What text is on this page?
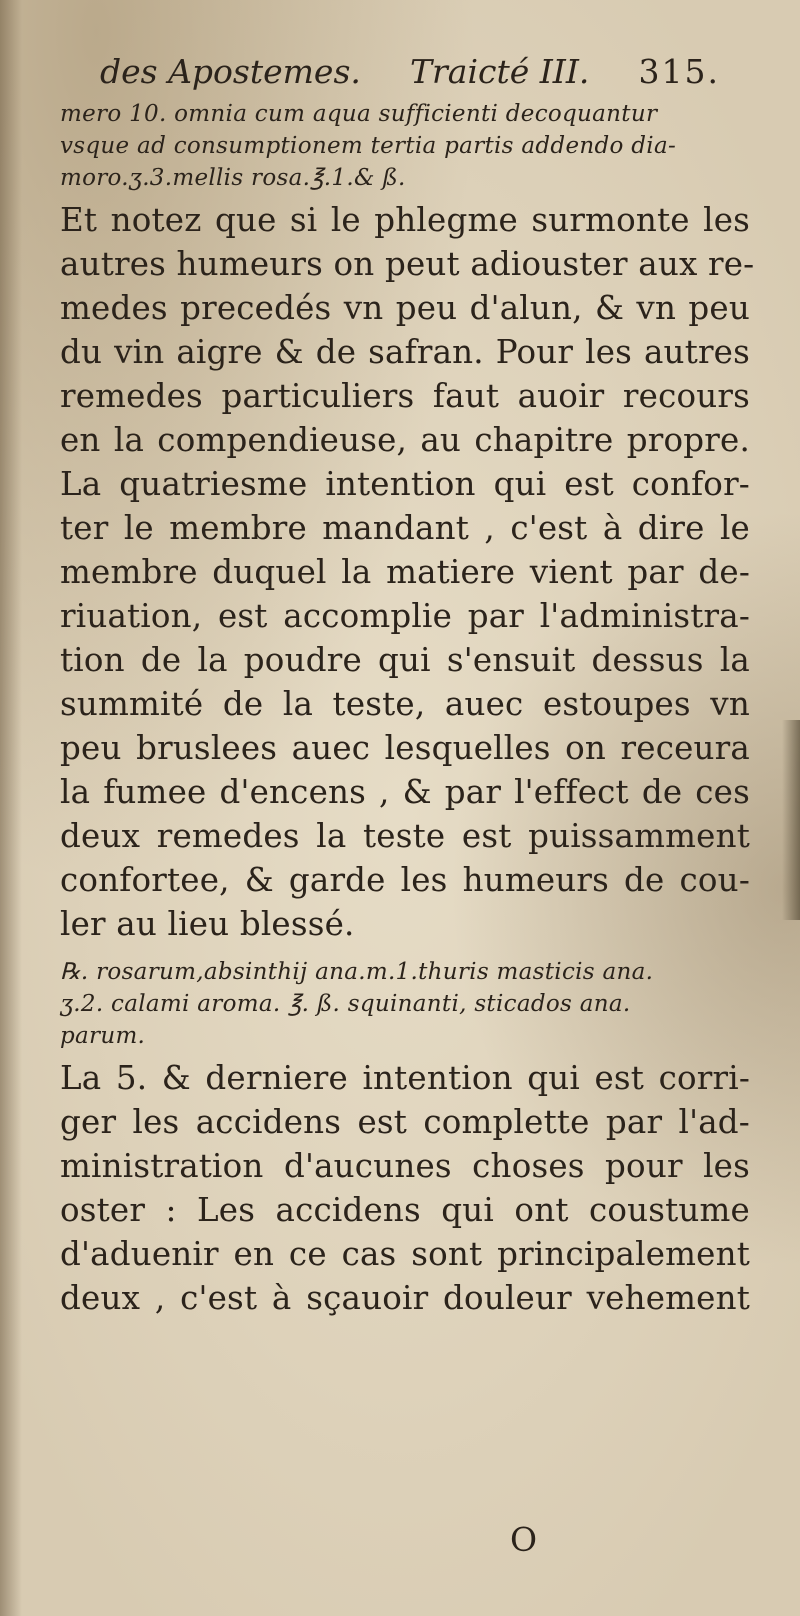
des Apostemes. Traicté III. 315.

mero 10. omnia cum aqua sufficienti decoquantur
vsque ad consumptionem tertia partis addendo dia-
moro.ʒ.3.mellis rosa.℥.1.& ß.

Et notez que si le phlegme surmonte les
autres humeurs on peut adiouster aux re-
medes precedés vn peu d'alun, & vn peu
du vin aigre & de safran. Pour les autres
remedes particuliers faut auoir recours
en la compendieuse, au chapitre propre.

La quatriesme intention qui est confor-
ter le membre mandant , c'est à dire le
membre duquel la matiere vient par de-
riuation, est accomplie par l'administra-
tion de la poudre qui s'ensuit dessus la
summité de la teste, auec estoupes vn
peu bruslees auec lesquelles on receura
la fumee d'encens , & par l'effect de ces
deux remedes la teste est puissamment
confortee, & garde les humeurs de cou-
ler au lieu blessé.

℞. rosarum,absinthij ana.m.1.thuris masticis ana.
ʒ.2. calami aroma. ℥. ß. squinanti, sticados ana.
parum.

La 5. & derniere intention qui est corri-
ger les accidens est complette par l'ad-
ministration d'aucunes choses pour les
oster : Les accidens qui ont coustume
d'aduenir en ce cas sont principalement
deux , c'est à sçauoir douleur vehement

O
